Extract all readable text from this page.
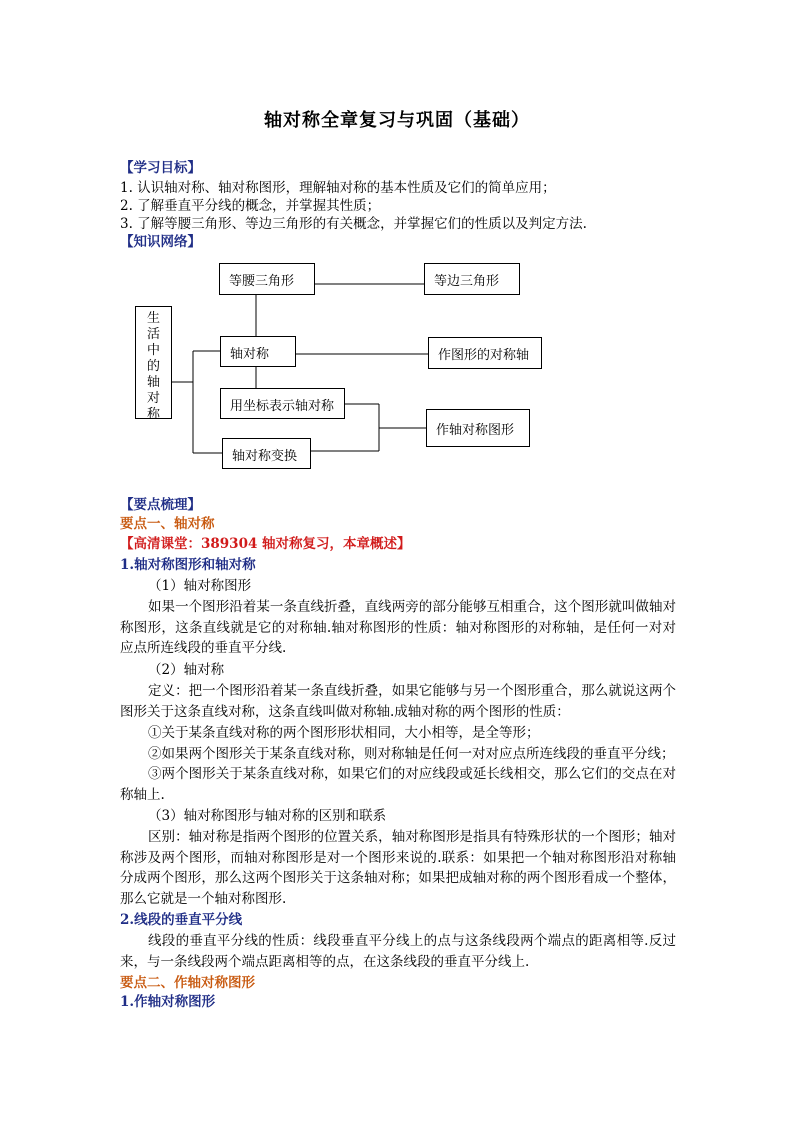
轴对称全章复习与巩固（基础）
【学习目标】
1. 认识轴对称、轴对称图形，理解轴对称的基本性质及它们的简单应用；
2. 了解垂直平分线的概念，并掌握其性质；
3. 了解等腰三角形、等边三角形的有关概念，并掌握它们的性质以及判定方法.
【知识网络】
生活中的轴对称
等腰三角形	等边三角形
轴对称	作图形的对称轴
用坐标表示轴对称
作轴对称图形
轴对称变换
【要点梳理】
要点一、轴对称
【高清课堂：389304 轴对称复习，本章概述】
1.轴对称图形和轴对称
（1）轴对称图形
如果一个图形沿着某一条直线折叠，直线两旁的部分能够互相重合，这个图形就叫做轴对称图形，这条直线就是它的对称轴.轴对称图形的性质：轴对称图形的对称轴，是任何一对对应点所连线段的垂直平分线.
（2）轴对称
定义：把一个图形沿着某一条直线折叠，如果它能够与另一个图形重合，那么就说这两个图形关于这条直线对称，这条直线叫做对称轴.成轴对称的两个图形的性质：
①关于某条直线对称的两个图形形状相同，大小相等，是全等形；
②如果两个图形关于某条直线对称，则对称轴是任何一对对应点所连线段的垂直平分线；
③两个图形关于某条直线对称，如果它们的对应线段或延长线相交，那么它们的交点在对称轴上.
（3）轴对称图形与轴对称的区别和联系
区别：轴对称是指两个图形的位置关系，轴对称图形是指具有特殊形状的一个图形；轴对称涉及两个图形，而轴对称图形是对一个图形来说的.联系：如果把一个轴对称图形沿对称轴分成两个图形，那么这两个图形关于这条轴对称；如果把成轴对称的两个图形看成一个整体，那么它就是一个轴对称图形.
2.线段的垂直平分线
线段的垂直平分线的性质：线段垂直平分线上的点与这条线段两个端点的距离相等.反过来，与一条线段两个端点距离相等的点，在这条线段的垂直平分线上.
要点二、作轴对称图形
1.作轴对称图形
